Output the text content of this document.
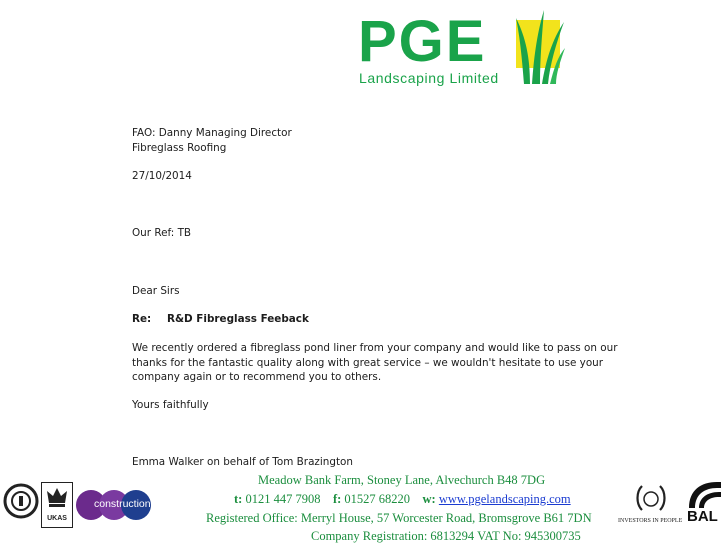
PGE
Landscaping Limited
FAO: Danny Managing Director
Fibreglass Roofing
27/10/2014
Our Ref: TB
Dear Sirs
Re: R&D Fibreglass Feeback
We recently ordered a fibreglass pond liner from your company and would like to pass on our
thanks for the fantastic quality along with great service – we wouldn't hesitate to use your
company again or to recommend you to others.
Yours faithfully
Emma Walker on behalf of Tom Brazington
UKAS
constructionskills
Meadow Bank Farm, Stoney Lane, Alvechurch B48 7DG
t: 0121 447 7908 f: 01527 68220 w: www.pgelandscaping.com
Registered Office: Merryl House, 57 Worcester Road, Bromsgrove B61 7DN
Company Registration: 6813294 VAT No: 945300735
INVESTORS IN PEOPLE BAL
